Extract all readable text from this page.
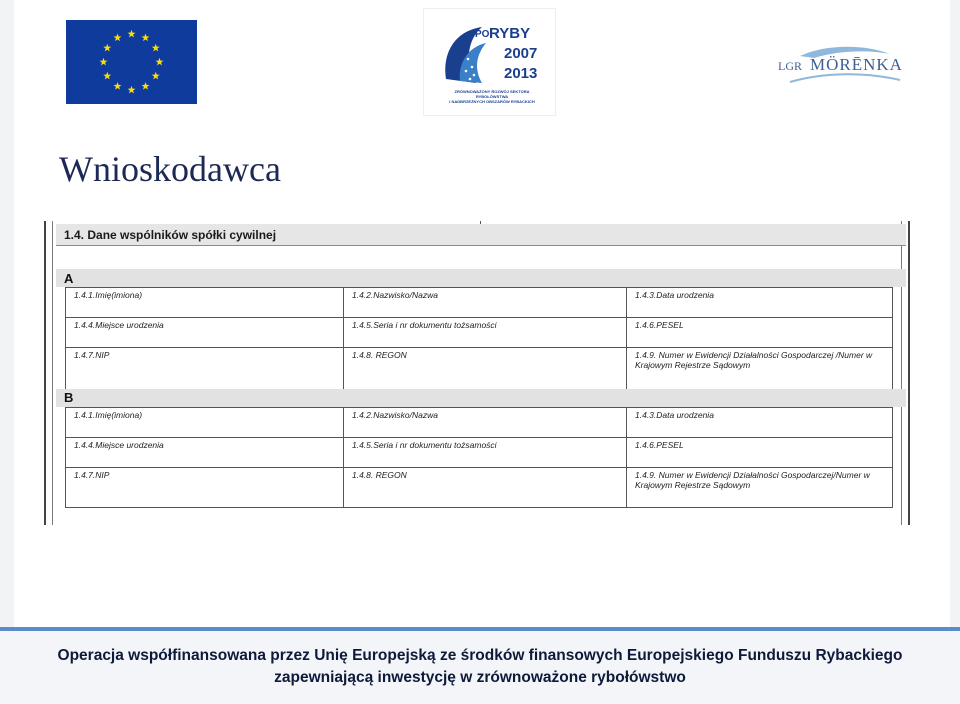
PO RYBY
2007
2013
ZRÓWNOWAŻONY ROZWÓJ SEKTORA RYBOŁÓWSTWA
I NADBRZEŻNYCH OBSZARÓW RYBACKICH
LGR MÖRĒNKA
Wnioskodawca
1.4. Dane wspólników spółki cywilnej
A
1.4.1.Imię(imiona)	1.4.2.Nazwisko/Nazwa	1.4.3.Data urodzenia
1.4.4.Miejsce urodzenia	1.4.5.Seria i nr dokumentu tożsamości	1.4.6.PESEL
1.4.7.NIP	1.4.8. REGON	1.4.9. Numer w Ewidencji Działalności Gospodarczej /Numer w Krajowym Rejestrze Sądowym
B
1.4.1.Imię(imiona)	1.4.2.Nazwisko/Nazwa	1.4.3.Data urodzenia
1.4.4.Miejsce urodzenia	1.4.5.Seria i nr dokumentu tożsamości	1.4.6.PESEL
1.4.7.NIP	1.4.8. REGON	1.4.9. Numer w Ewidencji Działalności Gospodarczej/Numer w Krajowym Rejestrze Sądowym
Operacja współfinansowana przez Unię Europejską ze środków finansowych Europejskiego Funduszu Rybackiego
zapewniającą inwestycję w zrównoważone rybołówstwo
